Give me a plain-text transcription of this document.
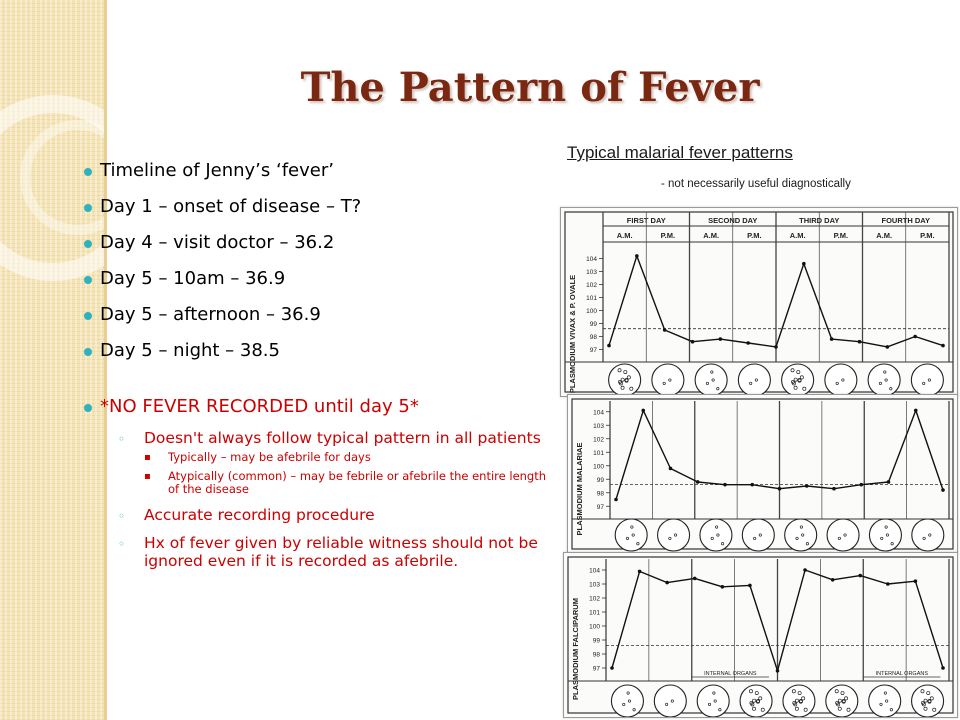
The Pattern of Fever
Timeline of Jenny’s ‘fever’
Day 1 – onset of disease – T?
Day 4 – visit doctor – 36.2
Day 5 – 10am – 36.9
Day 5 – afternoon – 36.9
Day 5 – night – 38.5
*NO FEVER RECORDED until day 5*
◦ Doesn't always follow typical pattern in all patients
▪ Typically – may be afebrile for days
▪ Atypically (common) – may be febrile or afebrile the entire length of the disease
◦ Accurate recording procedure
◦ Hx of fever given by reliable witness should not be ignored even if it is recorded as afebrile.
Typical malarial fever patterns
- not necessarily useful diagnostically
PLASMODIUM VIVAX & P. OVALE
FIRST DAY	SECOND DAY	THIRD DAY	FOURTH DAY
A.M.	P.M.	A.M.	P.M.	A.M.	P.M.	A.M.	P.M.
104
103
102
101
100
99
98
97
PLASMODIUM MALARIAE
104
103
102
101
100
99
98
97
PLASMODIUM FALCIPARUM
104
103
102
101
100
99
98
97
INTERNAL ORGANS	INTERNAL ORGANS
